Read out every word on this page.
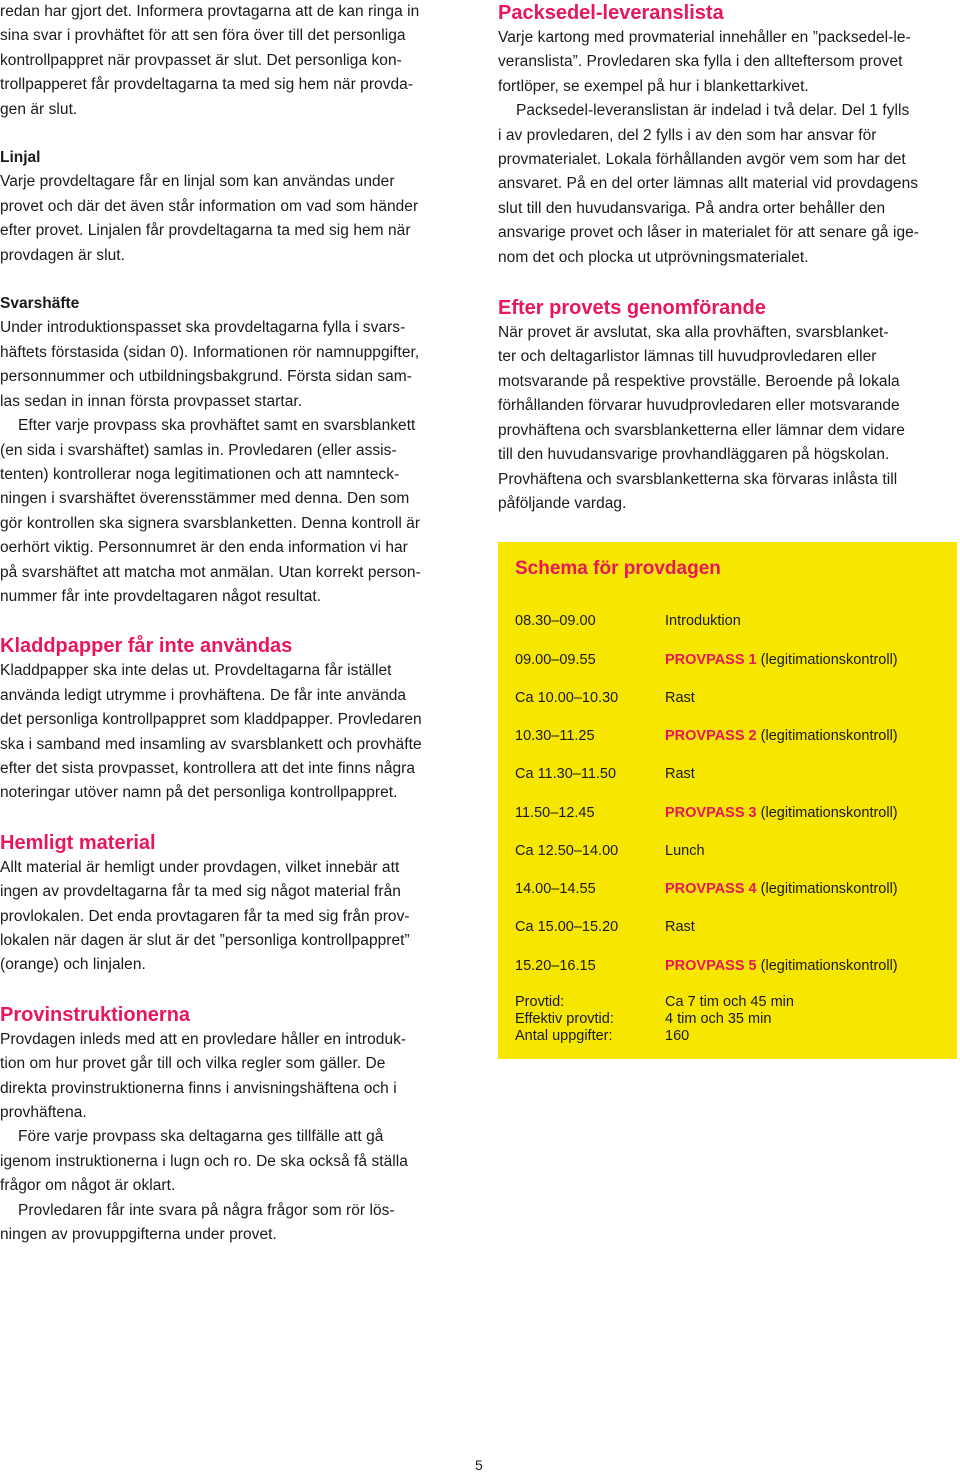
redan har gjort det. Informera provtagarna att de kan ringa in

sina svar i provhäftet för att sen föra över till det personliga

kontrollpappret när provpasset är slut. Det personliga kon-

trollpapperet får provdeltagarna ta med sig hem när provda-

gen är slut.

Linjal

Varje provdeltagare får en linjal som kan användas under

provet och där det även står information om vad som händer

efter provet. Linjalen får provdeltagarna ta med sig hem när

provdagen är slut.

Svarshäfte

Under introduktionspasset ska provdeltagarna fylla i svars-

häftets förstasida (sidan 0). Informationen rör namnuppgifter,

personnummer och utbildningsbakgrund. Första sidan sam-

las sedan in innan första provpasset startar.

Efter varje provpass ska provhäftet samt en svarsblankett

(en sida i svarshäftet) samlas in. Provledaren (eller assis-

tenten) kontrollerar noga legitimationen och att namnteck-

ningen i svarshäftet överensstämmer med denna. Den som

gör kontrollen ska signera svarsblanketten. Denna kontroll är

oerhört viktig. Personnumret är den enda information vi har

på svarshäftet att matcha mot anmälan. Utan korrekt person-

nummer får inte provdeltagaren något resultat.

Kladdpapper får inte användas

Kladdpapper ska inte delas ut. Provdeltagarna får istället

använda ledigt utrymme i provhäftena. De får inte använda

det personliga kontrollpappret som kladdpapper. Provledaren

ska i samband med insamling av svarsblankett och provhäfte

efter det sista provpasset, kontrollera att det inte finns några

noteringar utöver namn på det personliga kontrollpappret.

Hemligt material

Allt material är hemligt under provdagen, vilket innebär att

ingen av provdeltagarna får ta med sig något material från

provlokalen. Det enda provtagaren får ta med sig från prov-

lokalen när dagen är slut är det ”personliga kontrollpappret”

(orange) och linjalen.

Provinstruktionerna

Provdagen inleds med att en provledare håller en introduk-

tion om hur provet går till och vilka regler som gäller. De

direkta provinstruktionerna finns i anvisningshäftena och i

provhäftena.

Före varje provpass ska deltagarna ges tillfälle att gå

igenom instruktionerna i lugn och ro. De ska också få ställa

frågor om något är oklart.

Provledaren får inte svara på några frågor som rör lös-

ningen av provuppgifterna under provet.

Packsedel-leveranslista

Varje kartong med provmaterial innehåller en ”packsedel-le-

veranslista”. Provledaren ska fylla i den allteftersom provet

fortlöper, se exempel på hur i blankettarkivet.

Packsedel-leveranslistan är indelad i två delar. Del 1 fylls

i av provledaren, del 2 fylls i av den som har ansvar för

provmaterialet. Lokala förhållanden avgör vem som har det

ansvaret. På en del orter lämnas allt material vid provdagens

slut till den huvudansvariga. På andra orter behåller den

ansvarige provet och låser in materialet för att senare gå ige-

nom det och plocka ut utprövningsmaterialet.

Efter provets genomförande

När provet är avslutat, ska alla provhäften, svarsblanket-

ter och deltagarlistor lämnas till huvudprovledaren eller

motsvarande på respektive provställe. Beroende på lokala

förhållanden förvarar huvudprovledaren eller motsvarande

provhäftena och svarsblanketterna eller lämnar dem vidare

till den huvudansvarige provhandläggaren på högskolan.

Provhäftena och svarsblanketterna ska förvaras inlåsta till

påföljande vardag.

Schema för provdagen
08.30–09.00	Introduktion
09.00–09.55	PROVPASS 1 (legitimationskontroll)
Ca 10.00–10.30	Rast
10.30–11.25	PROVPASS 2 (legitimationskontroll)
Ca 11.30–11.50	Rast
11.50–12.45	PROVPASS 3 (legitimationskontroll)
Ca 12.50–14.00	Lunch
14.00–14.55	PROVPASS 4 (legitimationskontroll)
Ca 15.00–15.20	Rast
15.20–16.15	PROVPASS 5 (legitimationskontroll)
Provtid:	Ca 7 tim och 45 min
Effektiv provtid:	4 tim och 35 min
Antal uppgifter:	160
5
